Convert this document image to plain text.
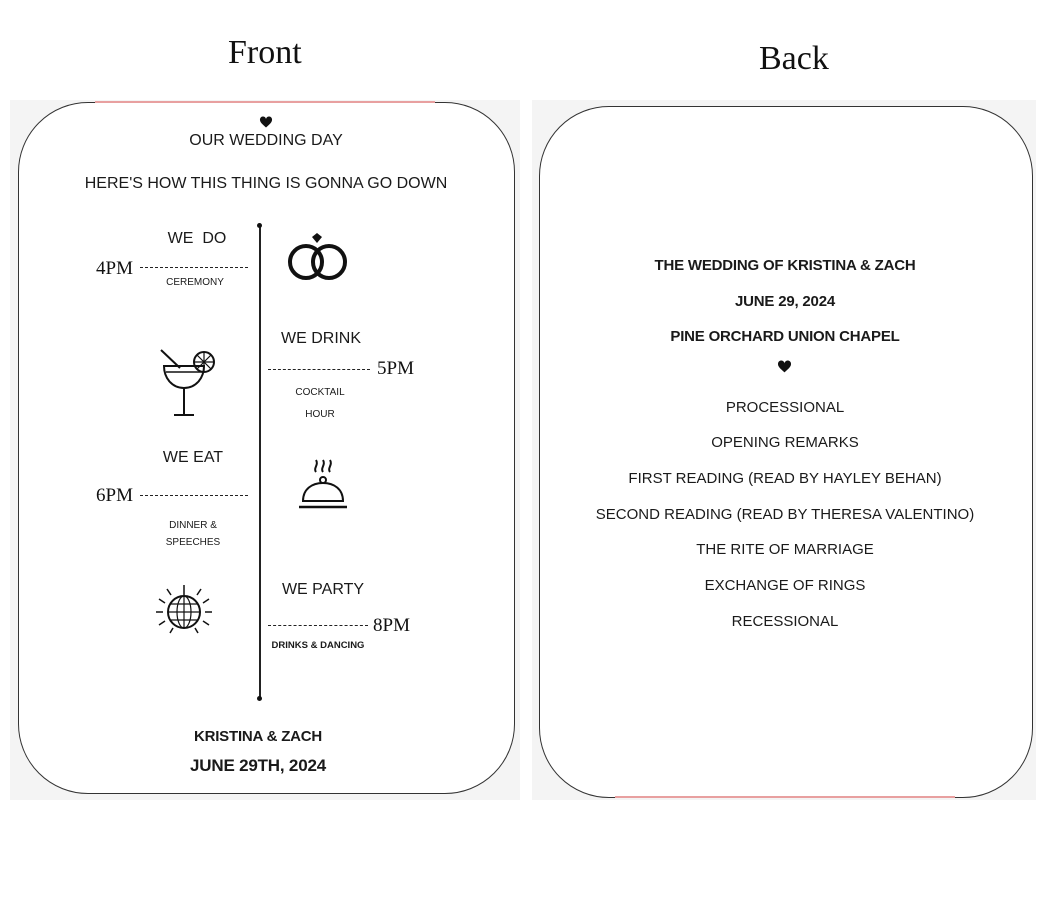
Front	Back
OUR WEDDING DAY
HERE'S HOW THIS THING IS GONNA GO DOWN
WE  DO
4PM
CEREMONY
WE DRINK
5PM
COCKTAIL
HOUR
WE EAT
6PM
DINNER &
SPEECHES
WE PARTY
8PM
DRINKS & DANCING
KRISTINA & ZACH
JUNE 29TH, 2024
THE WEDDING OF KRISTINA & ZACH
JUNE 29, 2024
PINE ORCHARD UNION CHAPEL
PROCESSIONAL
OPENING REMARKS
FIRST READING (READ BY HAYLEY BEHAN)
SECOND READING (READ BY THERESA VALENTINO)
THE RITE OF MARRIAGE
EXCHANGE OF RINGS
RECESSIONAL
